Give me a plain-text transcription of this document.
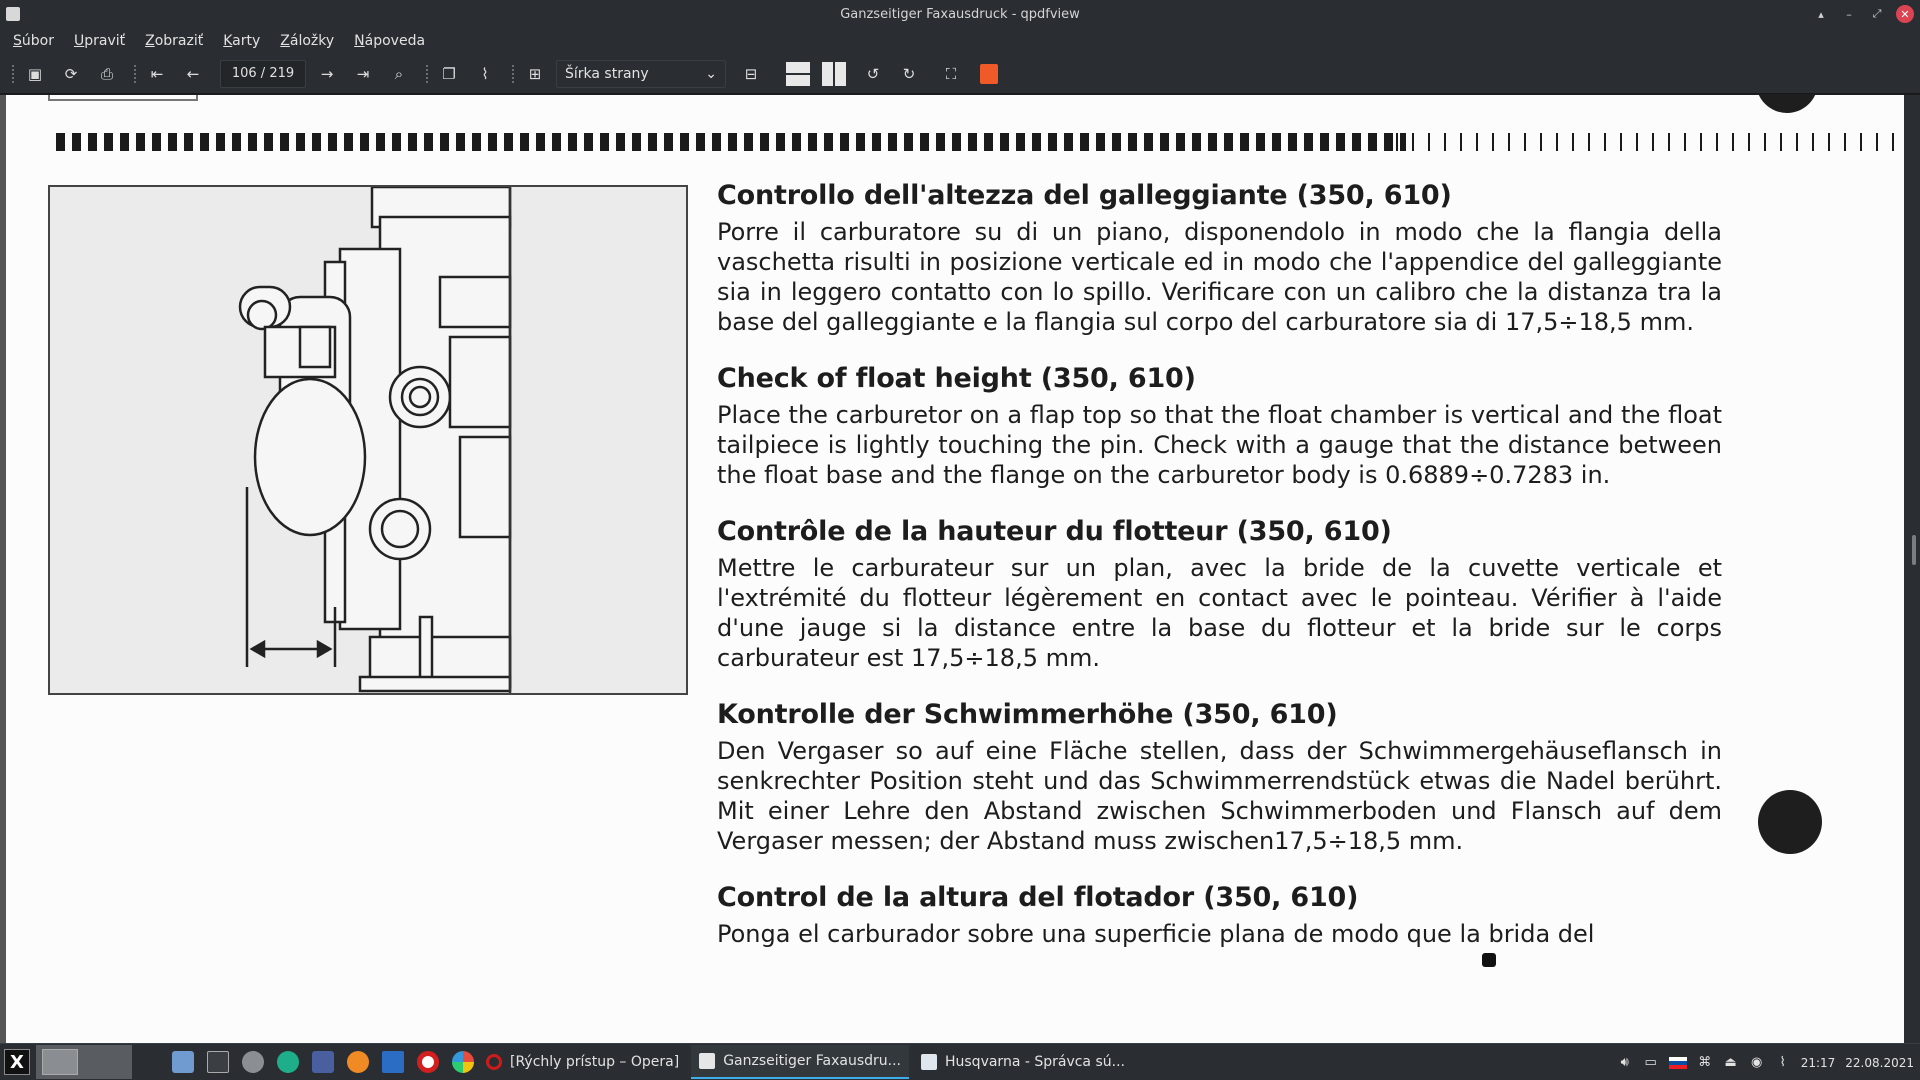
Ganzseitiger Faxausdruck - qpdfview	▴	–	⤢	✕
Súbor	Upraviť	Zobraziť	Karty	Záložky	Nápoveda
▣	⟳	⎙	⇤	←	106 / 219	→	⇥	⌕	❐	⌇	⊞	Šírka strany	⌄	⊟	↺	↻	⛶
Controllo dell'altezza del galleggiante (350, 610)

Porre il carburatore su di un piano, disponendolo in modo che la flangia della vaschetta risulti in posizione verticale ed in modo che l'appendice del galleggiante sia in leggero contatto con lo spillo. Verificare con un calibro che la distanza tra la base del galleggiante e la flangia sul corpo del carburatore sia di 17,5÷18,5 mm.

Check of float height (350, 610)

Place the carburetor on a flap top so that the float chamber is vertical and the float tailpiece is lightly touching the pin. Check with a gauge that the distance between the float base and the flange on the carburetor body is 0.6889÷0.7283 in.

Contrôle de la hauteur du flotteur (350, 610)

Mettre le carburateur sur un plan, avec la bride de la cuvette verticale et l'extrémité du flotteur légèrement en contact avec le pointeau. Vérifier à l'aide d'une jauge si la distance entre la base du flotteur et la bride sur le corps carburateur est 17,5÷18,5 mm.

Kontrolle der Schwimmerhöhe (350, 610)

Den Vergaser so auf eine Fläche stellen, dass der Schwimmergehäuseflansch in senkrechter Position steht und das Schwimmerrendstück etwas die Nadel berührt. Mit einer Lehre den Abstand zwischen Schwimmerboden und Flansch auf dem Vergaser messen; der Abstand muss zwischen17,5÷18,5 mm.

Control de la altura del flotador (350, 610)

Ponga el carburador sobre una superficie plana de modo que la brida del

X	[Rýchly prístup – Opera]	Ganzseitiger Faxausdru...	Husqvarna - Správca sú...	🔊︎	▭	⌘ ⏏ ◉	⌇	21:17 22.08.2021
